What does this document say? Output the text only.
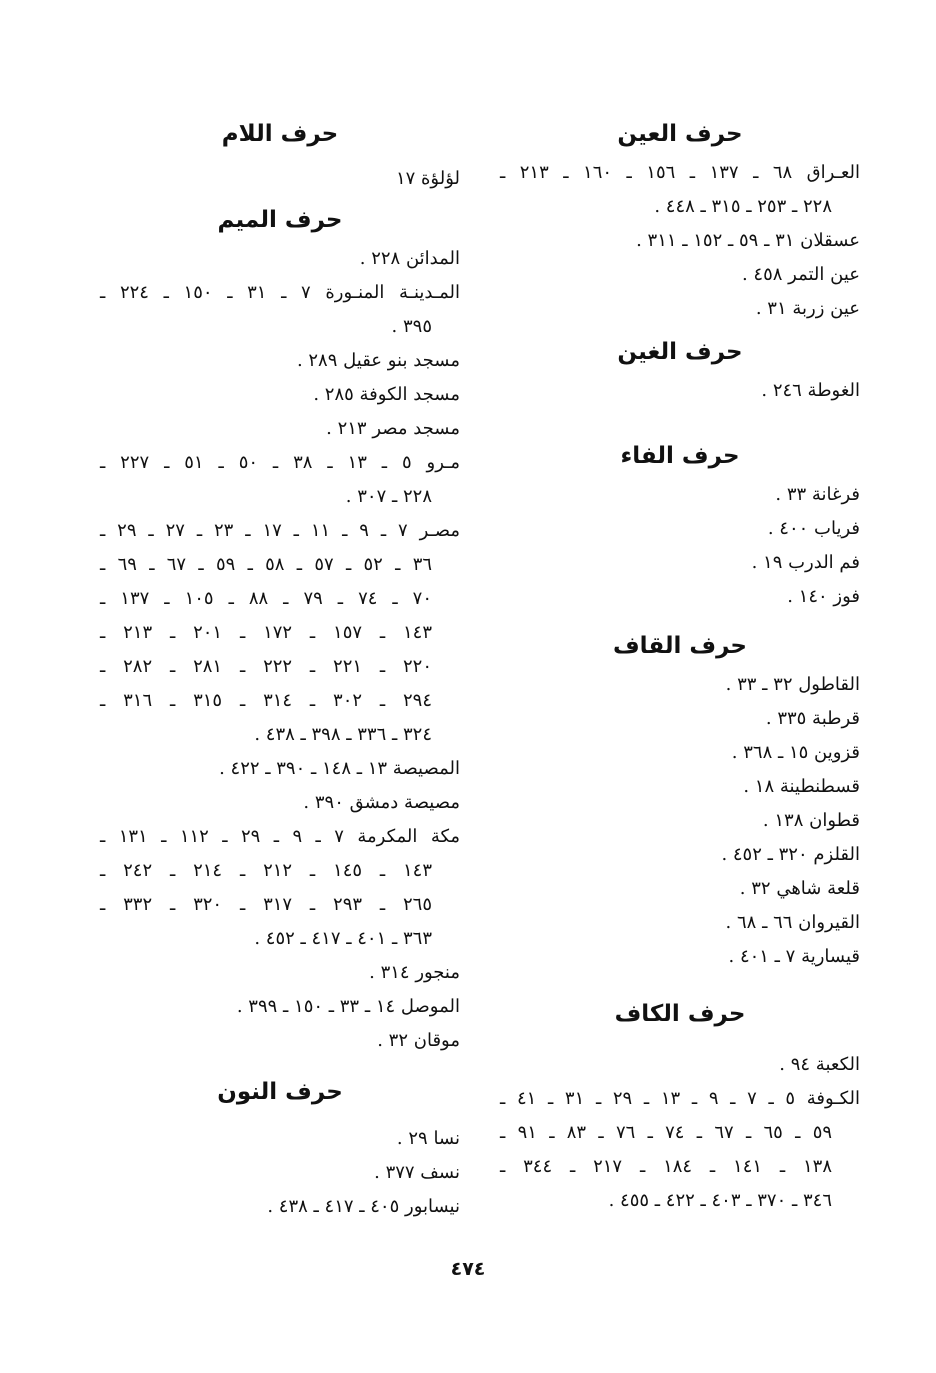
حرف العين
العـراق ٦٨ ـ ١٣٧ ـ ١٥٦ ـ ١٦٠ ـ ٢١٣ ـ
٢٢٨ ـ ٢٥٣ ـ ٣١٥ ـ ٤٤٨ .
عسقلان ٣١ ـ ٥٩ ـ ١٥٢ ـ ٣١١ .
عين التمر ٤٥٨ .
عين زربة ٣١ .
حرف الغين
الغوطة ٢٤٦ .
حرف الفاء
فرغانة ٣٣ .
فرياب ٤٠٠ .
فم الدرب ١٩ .
فوز ١٤٠ .
حرف القاف
القاطول ٣٢ ـ ٣٣ .
قرطبة ٣٣٥ .
قزوين ١٥ ـ ٣٦٨ .
قسطنطينة ١٨ .
قطوان ١٣٨ .
القلزم ٣٢٠ ـ ٤٥٢ .
قلعة شاهي ٣٢ .
القيروان ٦٦ ـ ٦٨ .
قيسارية ٧ ـ ٤٠١ .
حرف الكاف
الكعبة ٩٤ .
الكـوفة ٥ ـ ٧ ـ ٩ ـ ١٣ ـ ٢٩ ـ ٣١ ـ ٤١ ـ
٥٩ ـ ٦٥ ـ ٦٧ ـ ٧٤ ـ ٧٦ ـ ٨٣ ـ ٩١ ـ
١٣٨ ـ ١٤١ ـ ١٨٤ ـ ٢١٧ ـ ٣٤٤ ـ
٣٤٦ ـ ٣٧٠ ـ ٤٠٣ ـ ٤٢٢ ـ ٤٥٥ .
حرف اللام
لؤلؤة ١٧
حرف الميم
المدائن ٢٢٨ .
المـدينـة المنـورة ٧ ـ ٣١ ـ ١٥٠ ـ ٢٢٤ ـ
٣٩٥ .
مسجد بنو عقيل ٢٨٩ .
مسجد الكوفة ٢٨٥ .
مسجد مصر ٢١٣ .
مـرو ٥ ـ ١٣ ـ ٣٨ ـ ٥٠ ـ ٥١ ـ ٢٢٧ ـ
٢٢٨ ـ ٣٠٧ .
مصـر ٧ ـ ٩ ـ ١١ ـ ١٧ ـ ٢٣ ـ ٢٧ ـ ٢٩ ـ
٣٦ ـ ٥٢ ـ ٥٧ ـ ٥٨ ـ ٥٩ ـ ٦٧ ـ ٦٩ ـ
٧٠ ـ ٧٤ ـ ٧٩ ـ ٨٨ ـ ١٠٥ ـ ١٣٧ ـ
١٤٣ ـ ١٥٧ ـ ١٧٢ ـ ٢٠١ ـ ٢١٣ ـ
٢٢٠ ـ ٢٢١ ـ ٢٢٢ ـ ٢٨١ ـ ٢٨٢ ـ
٢٩٤ ـ ٣٠٢ ـ ٣١٤ ـ ٣١٥ ـ ٣١٦ ـ
٣٢٤ ـ ٣٣٦ ـ ٣٩٨ ـ ٤٣٨ .
المصيصة ١٣ ـ ١٤٨ ـ ٣٩٠ ـ ٤٢٢ .
مصيصة دمشق ٣٩٠ .
مكة المكرمة ٧ ـ ٩ ـ ٢٩ ـ ١١٢ ـ ١٣١ ـ
١٤٣ ـ ١٤٥ ـ ٢١٢ ـ ٢١٤ ـ ٢٤٢ ـ
٢٦٥ ـ ٢٩٣ ـ ٣١٧ ـ ٣٢٠ ـ ٣٣٢ ـ
٣٦٣ ـ ٤٠١ ـ ٤١٧ ـ ٤٥٢ .
منجور ٣١٤ .
الموصل ١٤ ـ ٣٣ ـ ١٥٠ ـ ٣٩٩ .
موقان ٣٢ .
حرف النون
نسا ٢٩ .
نسف ٣٧٧ .
نيسابور ٤٠٥ ـ ٤١٧ ـ ٤٣٨ .
٤٧٤
